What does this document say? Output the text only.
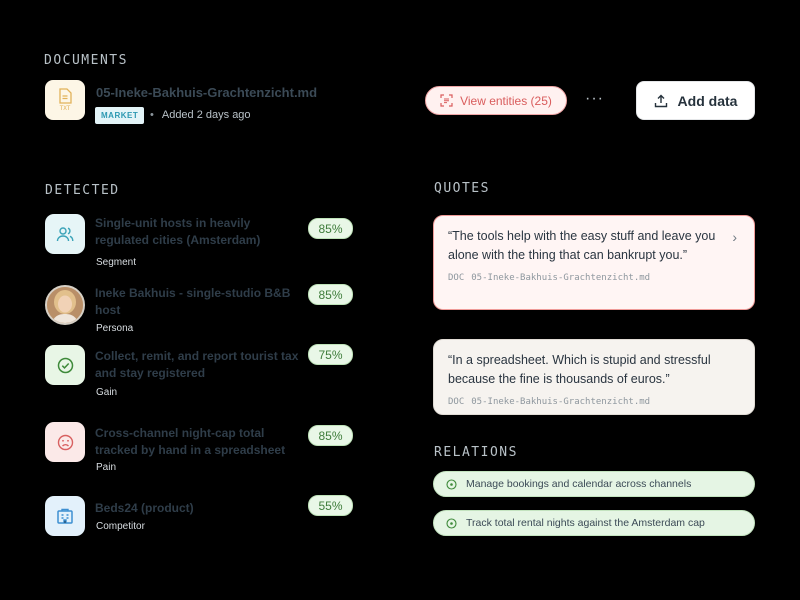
DOCUMENTS
TXT
05-Ineke-Bakhuis-Grachtenzicht.md
MARKET	• Added 2 days ago
View entities (25) ···	Add data
DETECTED
Single-unit hosts in heavily regulated cities (Amsterdam)
Segment
85%
Ineke Bakhuis - single-studio B&B host
Persona
85%
Collect, remit, and report tourist tax and stay registered
Gain
75%
Cross-channel night-cap total tracked by hand in a spreadsheet
Pain
85%
Beds24 (product)
Competitor
55%
QUOTES
“The tools help with the easy stuff and leave you alone with the thing that can bankrupt you.”
DOC 05-Ineke-Bakhuis-Grachtenzicht.md
›
“In a spreadsheet. Which is stupid and stressful because the fine is thousands of euros.”
DOC 05-Ineke-Bakhuis-Grachtenzicht.md
RELATIONS
Manage bookings and calendar across channels
Track total rental nights against the Amsterdam cap
